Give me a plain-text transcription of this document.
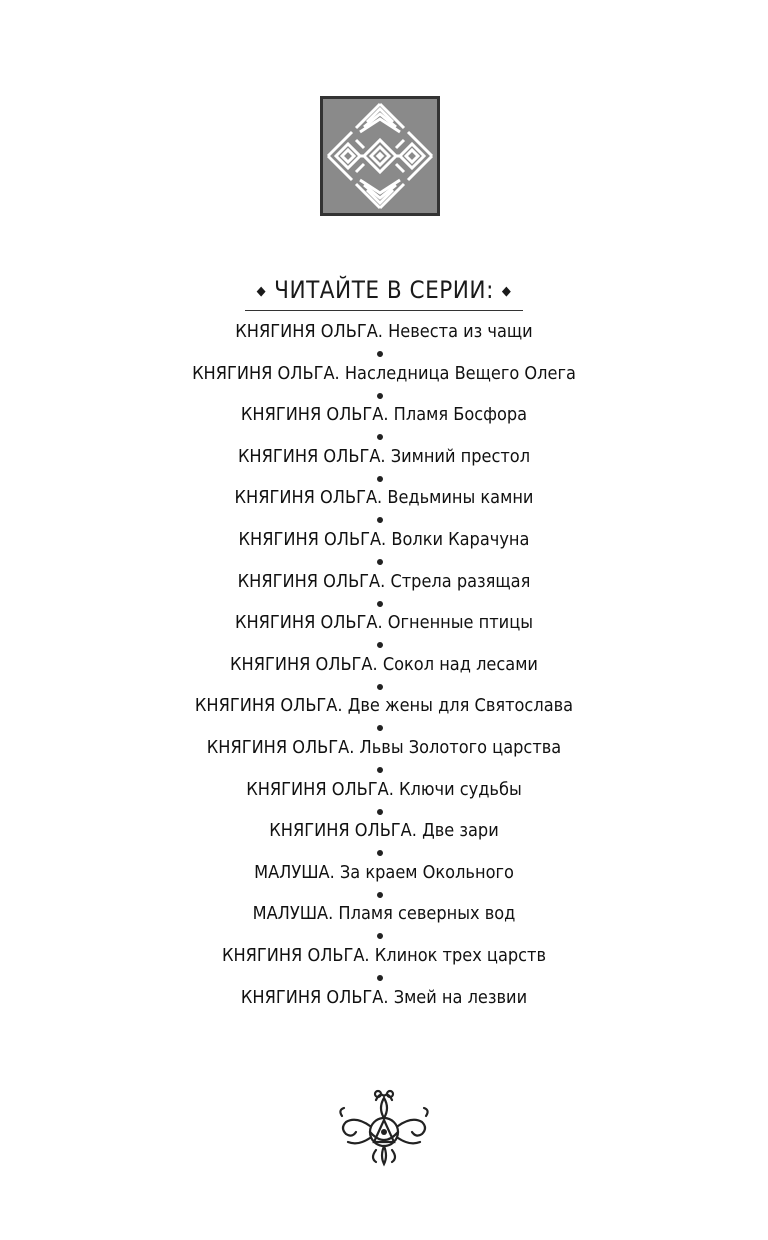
◆ ЧИТАЙТЕ В СЕРИИ: ◆
КНЯГИНЯ ОЛЬГА. Невеста из чащи
КНЯГИНЯ ОЛЬГА. Наследница Вещего Олега
КНЯГИНЯ ОЛЬГА. Пламя Босфора
КНЯГИНЯ ОЛЬГА. Зимний престол
КНЯГИНЯ ОЛЬГА. Ведьмины камни
КНЯГИНЯ ОЛЬГА. Волки Карачуна
КНЯГИНЯ ОЛЬГА. Стрела разящая
КНЯГИНЯ ОЛЬГА. Огненные птицы
КНЯГИНЯ ОЛЬГА. Сокол над лесами
КНЯГИНЯ ОЛЬГА. Две жены для Святослава
КНЯГИНЯ ОЛЬГА. Львы Золотого царства
КНЯГИНЯ ОЛЬГА. Ключи судьбы
КНЯГИНЯ ОЛЬГА. Две зари
МАЛУША. За краем Окольного
МАЛУША. Пламя северных вод
КНЯГИНЯ ОЛЬГА. Клинок трех царств
КНЯГИНЯ ОЛЬГА. Змей на лезвии
